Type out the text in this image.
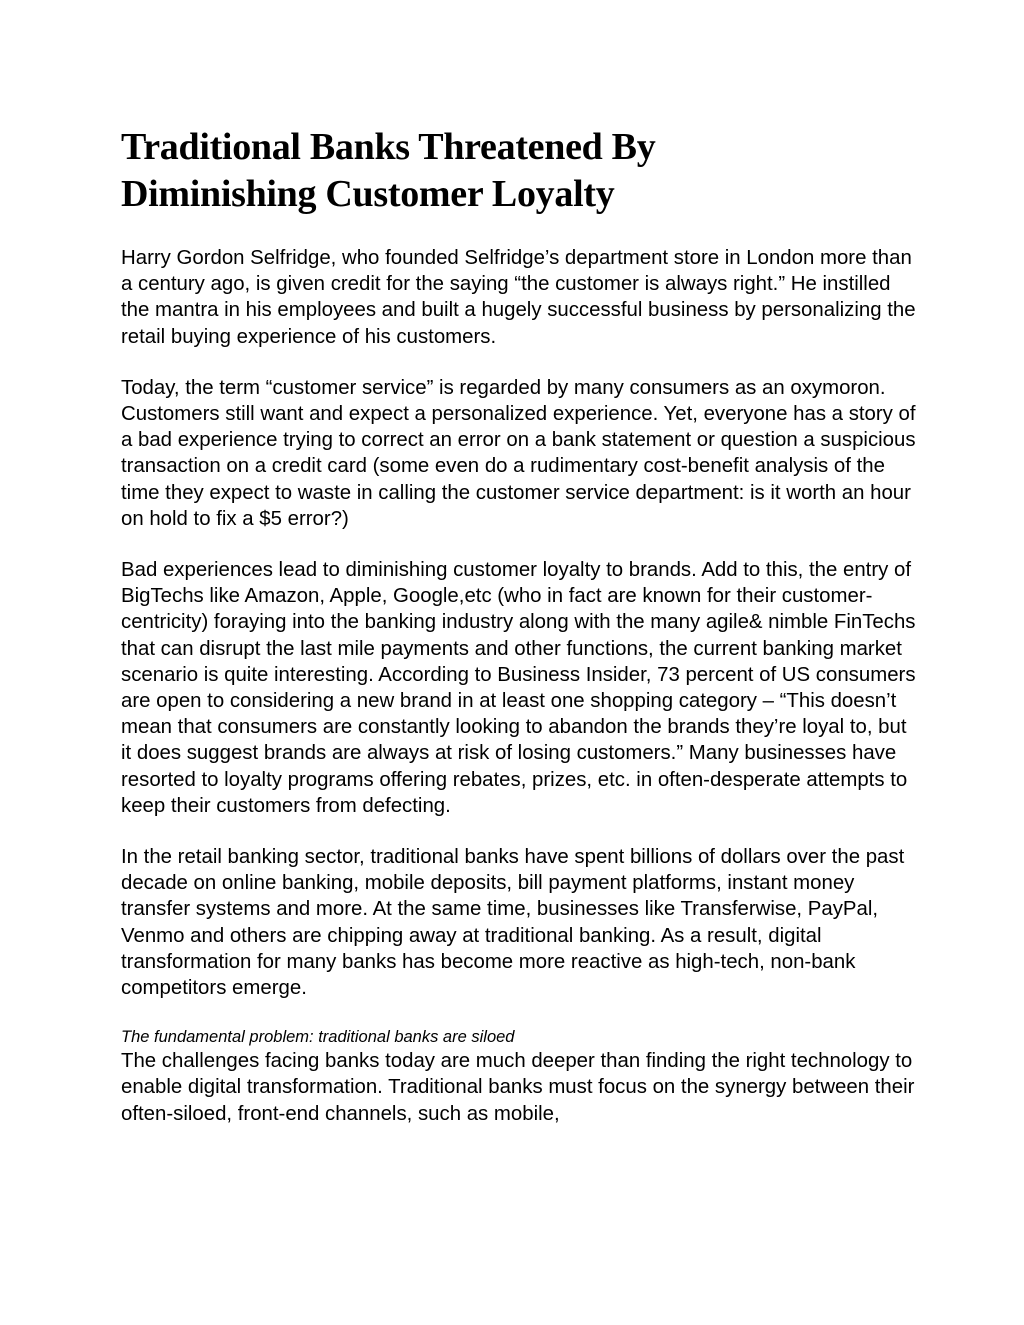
Traditional Banks Threatened By
Diminishing Customer Loyalty

Harry Gordon Selfridge, who founded Selfridge’s department store in London more than a century ago, is given credit for the saying “the customer is always right.” He instilled the mantra in his employees and built a hugely successful business by personalizing the retail buying experience of his customers.

Today, the term “customer service” is regarded by many consumers as an oxymoron. Customers still want and expect a personalized experience. Yet, everyone has a story of a bad experience trying to correct an error on a bank statement or question a suspicious transaction on a credit card (some even do a rudimentary cost-benefit analysis of the time they expect to waste in calling the customer service department: is it worth an hour on hold to fix a $5 error?)

Bad experiences lead to diminishing customer loyalty to brands. Add to this, the entry of BigTechs like Amazon, Apple, Google,etc (who in fact are known for their customer-centricity) foraying into the banking industry along with the many agile& nimble FinTechs that can disrupt the last mile payments and other functions, the current banking market scenario is quite interesting. According to Business Insider, 73 percent of US consumers are open to considering a new brand in at least one shopping category – “This doesn’t mean that consumers are constantly looking to abandon the brands they’re loyal to, but it does suggest brands are always at risk of losing customers.” Many businesses have resorted to loyalty programs offering rebates, prizes, etc. in often-desperate attempts to keep their customers from defecting.

In the retail banking sector, traditional banks have spent billions of dollars over the past decade on online banking, mobile deposits, bill payment platforms, instant money transfer systems and more. At the same time, businesses like Transferwise, PayPal, Venmo and others are chipping away at traditional banking. As a result, digital transformation for many banks has become more reactive as high-tech, non-bank competitors emerge.

The fundamental problem: traditional banks are siloed

The challenges facing banks today are much deeper than finding the right technology to enable digital transformation. Traditional banks must focus on the synergy between their often-siloed, front-end channels, such as mobile,
